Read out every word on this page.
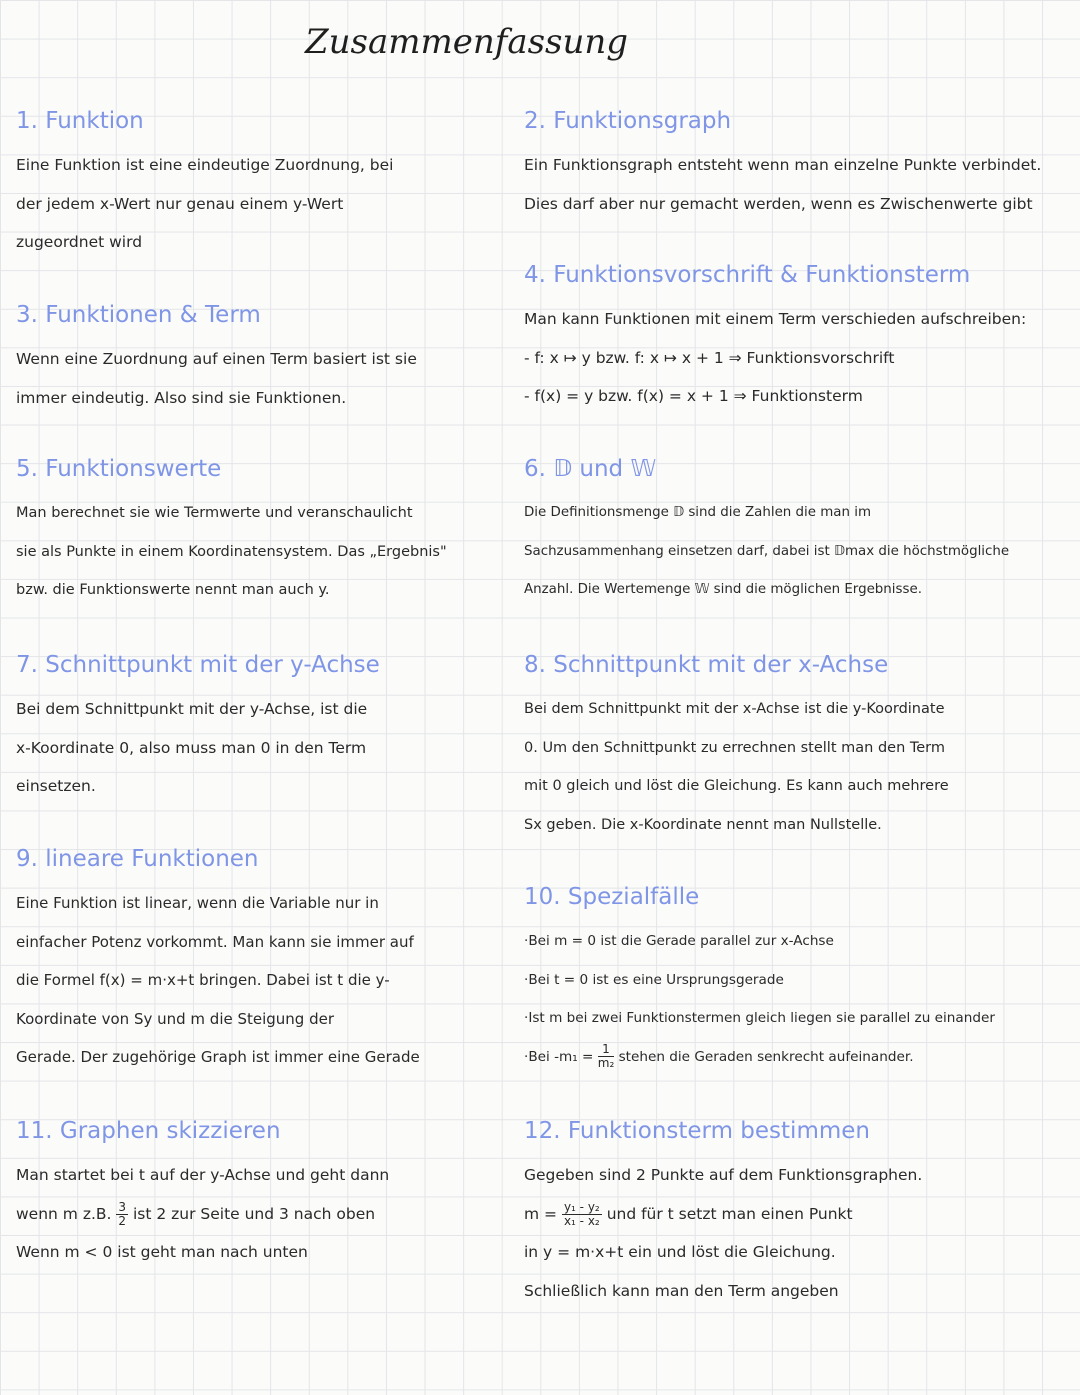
Zusammenfassung
1. Funktion
Eine Funktion ist eine eindeutige Zuordnung, bei
der jedem x-Wert nur genau einem y-Wert
zugeordnet wird
2. Funktionsgraph
Ein Funktionsgraph entsteht wenn man einzelne Punkte verbindet.
Dies darf aber nur gemacht werden, wenn es Zwischenwerte gibt
3. Funktionen & Term
Wenn eine Zuordnung auf einen Term basiert ist sie
immer eindeutig. Also sind sie Funktionen.
4. Funktionsvorschrift & Funktionsterm
Man kann Funktionen mit einem Term verschieden aufschreiben:
- f: x ↦ y bzw. f: x ↦ x + 1 ⇒ Funktionsvorschrift
- f(x) = y bzw. f(x) = x + 1 ⇒ Funktionsterm
5. Funktionswerte
Man berechnet sie wie Termwerte und veranschaulicht
sie als Punkte in einem Koordinatensystem. Das „Ergebnis"
bzw. die Funktionswerte nennt man auch y.
6. 𝔻 und 𝕎
Die Definitionsmenge 𝔻 sind die Zahlen die man im
Sachzusammenhang einsetzen darf, dabei ist 𝔻max die höchstmögliche
Anzahl. Die Wertemenge 𝕎 sind die möglichen Ergebnisse.
7. Schnittpunkt mit der y-Achse
Bei dem Schnittpunkt mit der y-Achse, ist die
x-Koordinate 0, also muss man 0 in den Term
einsetzen.
8. Schnittpunkt mit der x-Achse
Bei dem Schnittpunkt mit der x-Achse ist die y-Koordinate
0. Um den Schnittpunkt zu errechnen stellt man den Term
mit 0 gleich und löst die Gleichung. Es kann auch mehrere
Sx geben. Die x-Koordinate nennt man Nullstelle.
9. lineare Funktionen
Eine Funktion ist linear, wenn die Variable nur in
einfacher Potenz vorkommt. Man kann sie immer auf
die Formel f(x) = m·x+t bringen. Dabei ist t die y-
Koordinate von Sy und m die Steigung der
Gerade. Der zugehörige Graph ist immer eine Gerade
10. Spezialfälle
·Bei m = 0 ist die Gerade parallel zur x-Achse
·Bei t = 0 ist es eine Ursprungsgerade
·Ist m bei zwei Funktionstermen gleich liegen sie parallel zu einander
·Bei $-m_1 = \frac{1}{\text{m₂}}$ stehen die Geraden senkrecht aufeinander.
11. Graphen skizzieren
Man startet bei t auf der y-Achse und geht dann
wenn m z.B. $\frac{3}{2}$ ist 2 zur Seite und 3 nach oben
Wenn m < 0 ist geht man nach unten
12. Funktionsterm bestimmen
Gegeben sind 2 Punkte auf dem Funktionsgraphen.
$m = \frac{\text{y₁ - y₂}}{\text{x₁ - x₂}}$ und für t setzt man einen Punkt
in y = m·x+t ein und löst die Gleichung.
Schließlich kann man den Term angeben
